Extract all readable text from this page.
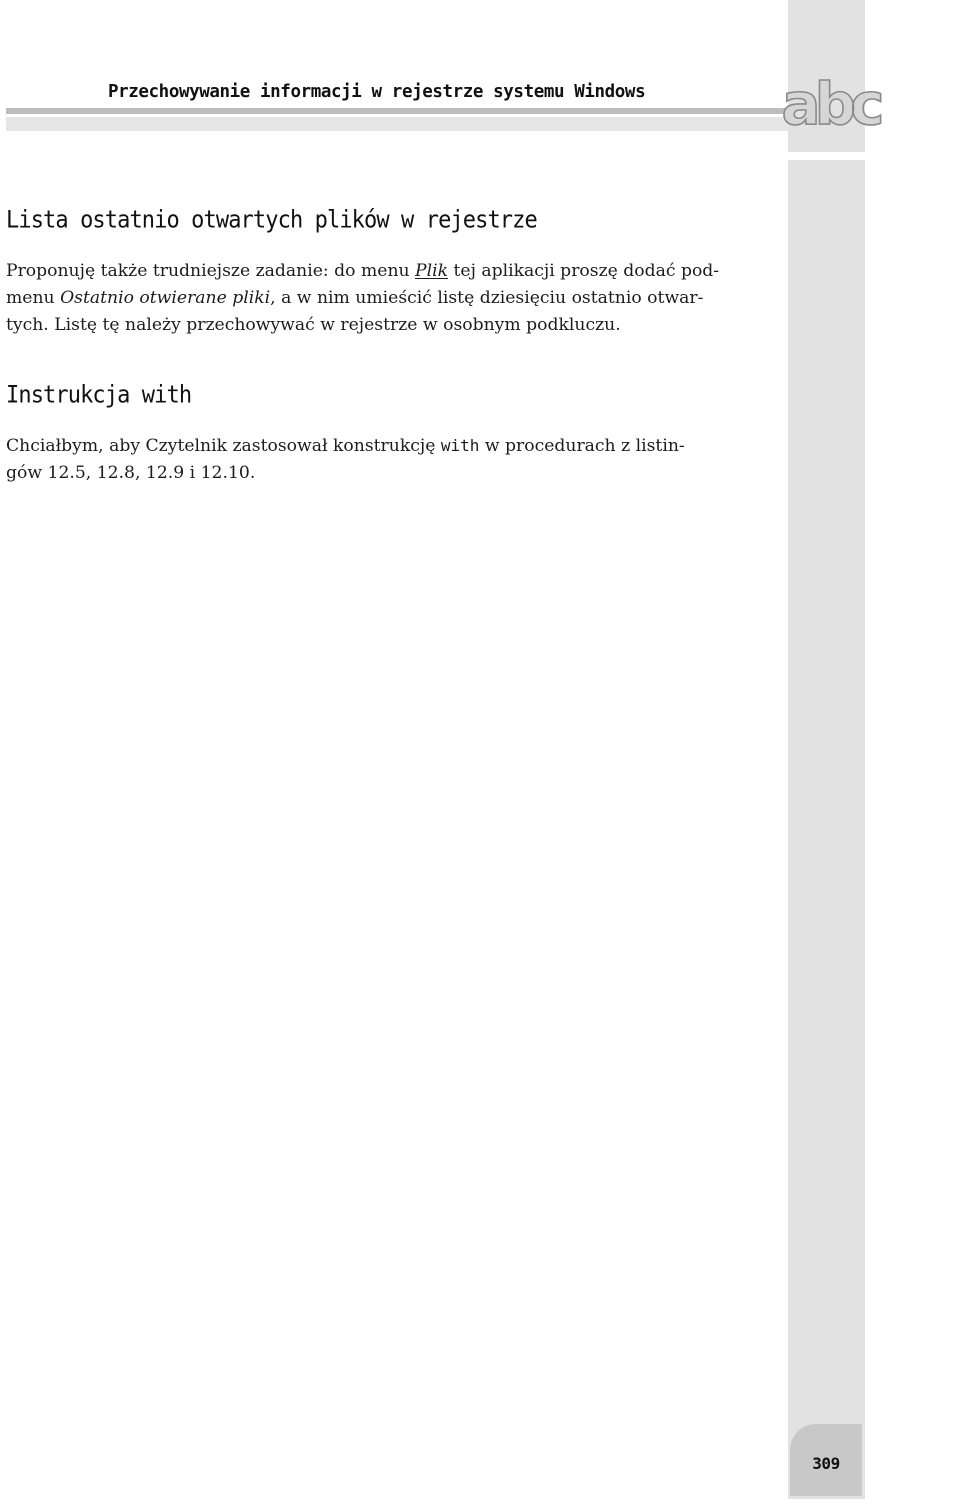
Przechowywanie informacji w rejestrze systemu Windows abc
Lista ostatnio otwartych plików w rejestrze

Proponuję także trudniejsze zadanie: do menu Plik tej aplikacji proszę dodać pod-
menu Ostatnio otwierane pliki, a w nim umieścić listę dziesięciu ostatnio otwar-
tych. Listę tę należy przechowywać w rejestrze w osobnym podkluczu.

Instrukcja with

Chciałbym, aby Czytelnik zastosował konstrukcję with w procedurach z listin-
gów 12.5, 12.8, 12.9 i 12.10.

309
